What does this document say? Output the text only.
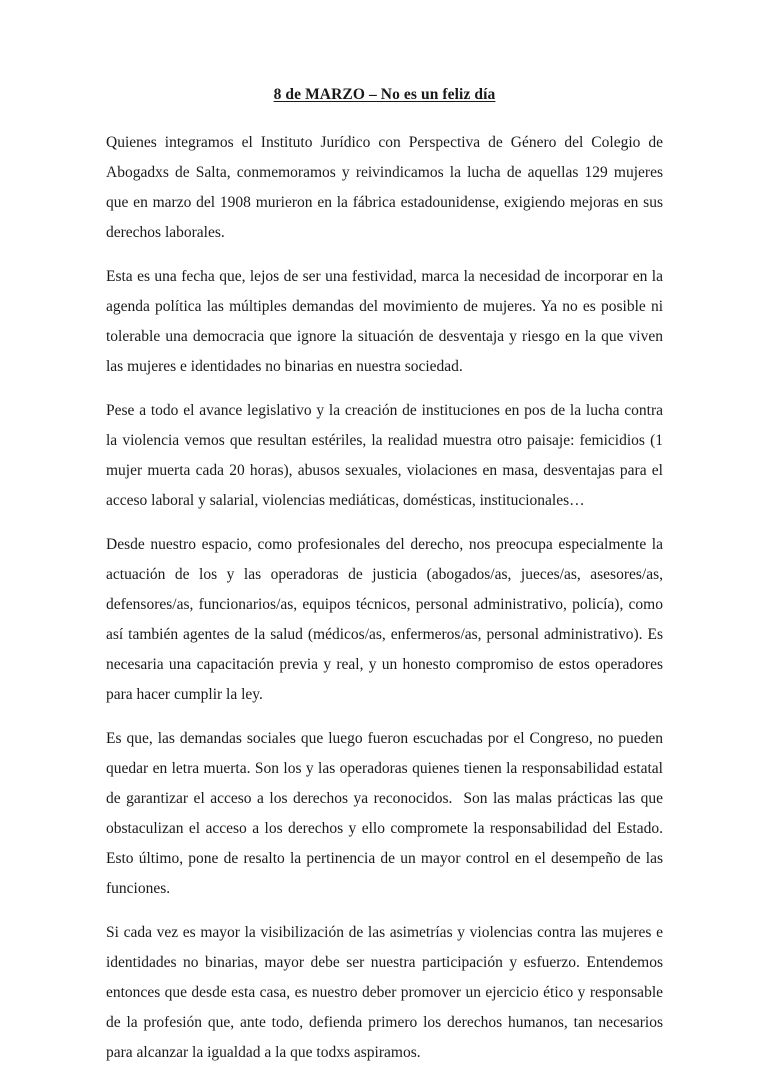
8 de MARZO – No es un feliz día

Quienes integramos el Instituto Jurídico con Perspectiva de Género del Colegio de Abogadxs de Salta, conmemoramos y reivindicamos la lucha de aquellas 129 mujeres que en marzo del 1908 murieron en la fábrica estadounidense, exigiendo mejoras en sus derechos laborales.

Esta es una fecha que, lejos de ser una festividad, marca la necesidad de incorporar en la agenda política las múltiples demandas del movimiento de mujeres. Ya no es posible ni tolerable una democracia que ignore la situación de desventaja y riesgo en la que viven las mujeres e identidades no binarias en nuestra sociedad.

Pese a todo el avance legislativo y la creación de instituciones en pos de la lucha contra la violencia vemos que resultan estériles, la realidad muestra otro paisaje: femicidios (1 mujer muerta cada 20 horas), abusos sexuales, violaciones en masa, desventajas para el acceso laboral y salarial, violencias mediáticas, domésticas, institucionales…

Desde nuestro espacio, como profesionales del derecho, nos preocupa especialmente la actuación de los y las operadoras de justicia (abogados/as, jueces/as, asesores/as, defensores/as, funcionarios/as, equipos técnicos, personal administrativo, policía), como así también agentes de la salud (médicos/as, enfermeros/as, personal administrativo). Es necesaria una capacitación previa y real, y un honesto compromiso de estos operadores para hacer cumplir la ley.

Es que, las demandas sociales que luego fueron escuchadas por el Congreso, no pueden quedar en letra muerta. Son los y las operadoras quienes tienen la responsabilidad estatal de garantizar el acceso a los derechos ya reconocidos.  Son las malas prácticas las que obstaculizan el acceso a los derechos y ello compromete la responsabilidad del Estado. Esto último, pone de resalto la pertinencia de un mayor control en el desempeño de las funciones.

Si cada vez es mayor la visibilización de las asimetrías y violencias contra las mujeres e identidades no binarias, mayor debe ser nuestra participación y esfuerzo. Entendemos entonces que desde esta casa, es nuestro deber promover un ejercicio ético y responsable de la profesión que, ante todo, defienda primero los derechos humanos, tan necesarios para alcanzar la igualdad a la que todxs aspiramos.
